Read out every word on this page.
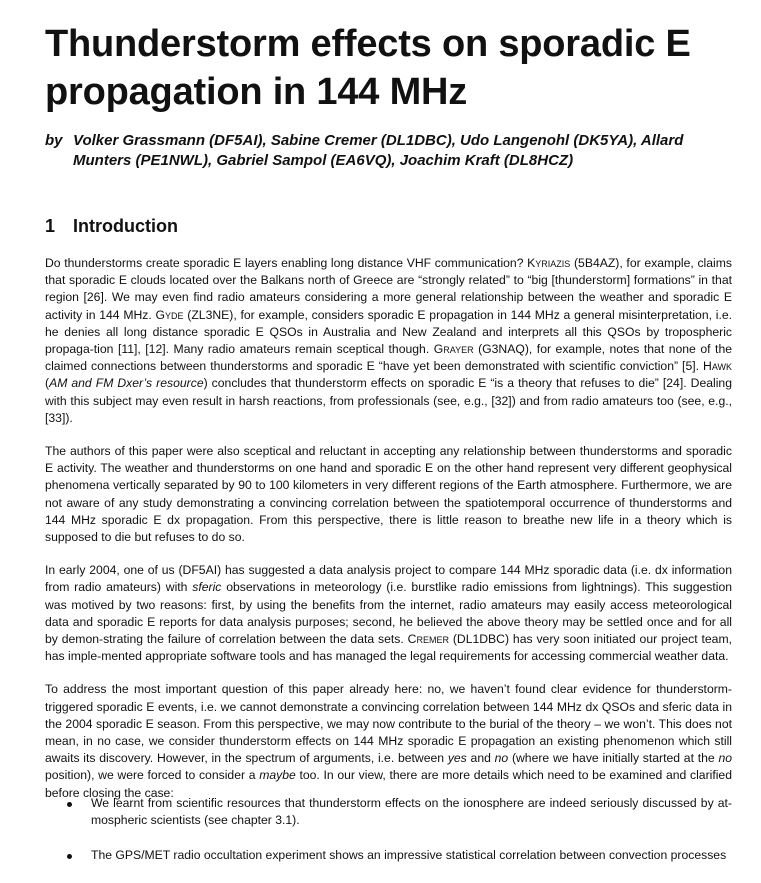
Thunderstorm effects on sporadic E propagation in 144 MHz
by Volker Grassmann (DF5AI), Sabine Cremer (DL1DBC), Udo Langenohl (DK5YA), Allard
Munters (PE1NWL), Gabriel Sampol (EA6VQ), Joachim Kraft (DL8HCZ)
1 Introduction

Do thunderstorms create sporadic E layers enabling long distance VHF communication? Kyriazis (5B4AZ), for example, claims that sporadic E clouds located over the Balkans north of Greece are “strongly related” to “big [thunderstorm] formations” in that region [26]. We may even find radio amateurs considering a more general relationship between the weather and sporadic E activity in 144 MHz. Gyde (ZL3NE), for example, considers sporadic E propagation in 144 MHz a general misinterpretation, i.e. he denies all long distance sporadic E QSOs in Australia and New Zealand and interprets all this QSOs by tropospheric propaga-tion [11], [12]. Many radio amateurs remain sceptical though. Grayer (G3NAQ), for example, notes that none of the claimed connections between thunderstorms and sporadic E “have yet been demonstrated with scientific conviction” [5]. Hawk (AM and FM Dxer’s resource) concludes that thunderstorm effects on sporadic E “is a theory that refuses to die” [24]. Dealing with this subject may even result in harsh reactions, from professionals (see, e.g., [32]) and from radio amateurs too (see, e.g., [33]).

The authors of this paper were also sceptical and reluctant in accepting any relationship between thunderstorms and sporadic E activity. The weather and thunderstorms on one hand and sporadic E on the other hand represent very different geophysical phenomena vertically separated by 90 to 100 kilometers in very different regions of the Earth atmosphere. Furthermore, we are not aware of any study demonstrating a convincing correlation between the spatiotemporal occurrence of thunderstorms and 144 MHz sporadic E dx propagation. From this perspective, there is little reason to breathe new life in a theory which is supposed to die but refuses to do so.

In early 2004, one of us (DF5AI) has suggested a data analysis project to compare 144 MHz sporadic data (i.e. dx information from radio amateurs) with sferic observations in meteorology (i.e. burstlike radio emissions from lightnings). This suggestion was motived by two reasons: first, by using the benefits from the internet, radio amateurs may easily access meteorological data and sporadic E reports for data analysis purposes; second, he believed the above theory may be settled once and for all by demon-strating the failure of correlation between the data sets. Cremer (DL1DBC) has very soon initiated our project team, has imple-mented appropriate software tools and has managed the legal requirements for accessing commercial weather data.

To address the most important question of this paper already here: no, we haven’t found clear evidence for thunderstorm-triggered sporadic E events, i.e. we cannot demonstrate a convincing correlation between 144 MHz dx QSOs and sferic data in the 2004 sporadic E season. From this perspective, we may now contribute to the burial of the theory – we won’t. This does not mean, in no case, we consider thunderstorm effects on 144 MHz sporadic E propagation an existing phenomenon which still awaits its discovery. However, in the spectrum of arguments, i.e. between yes and no (where we have initially started at the no position), we were forced to consider a maybe too. In our view, there are more details which need to be examined and clarified before closing the case:

We learnt from scientific resources that thunderstorm effects on the ionosphere are indeed seriously discussed by at-mospheric scientists (see chapter 3.1).
The GPS/MET radio occultation experiment shows an impressive statistical correlation between convection processes
